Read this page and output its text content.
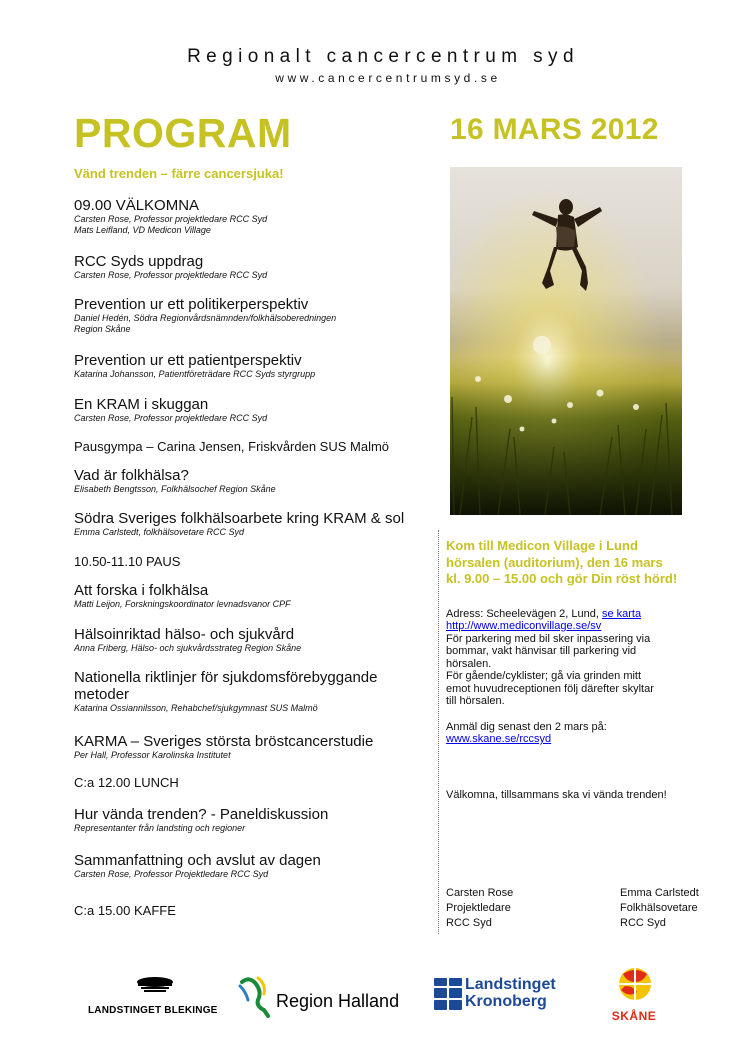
Regionalt cancercentrum syd
www.cancercentrumsyd.se
PROGRAM	16 MARS 2012
Vänd trenden – färre cancersjuka!
09.00 VÄLKOMNA
Carsten Rose, Professor projektledare RCC Syd
Mats Leifland, VD Medicon Village
RCC Syds uppdrag
Carsten Rose, Professor projektledare RCC Syd
Prevention ur ett politikerperspektiv
Daniel Hedén, Södra Regionvårdsnämnden/folkhälsoberedningen
Region Skåne
Prevention ur ett patientperspektiv
Katarina Johansson, Patientföreträdare RCC Syds styrgrupp
En KRAM i skuggan
Carsten Rose, Professor projektledare RCC Syd
Pausgympa – Carina Jensen, Friskvården SUS Malmö
Vad är folkhälsa?
Elisabeth Bengtsson, Folkhälsochef Region Skåne
Södra Sveriges folkhälsoarbete kring KRAM & sol
Emma Carlstedt, folkhälsovetare RCC Syd
10.50-11.10 PAUS
Att forska i folkhälsa
Matti Leijon, Forskningskoordinator levnadsvanor CPF
Hälsoinriktad hälso- och sjukvård
Anna Friberg, Hälso- och sjukvårdsstrateg Region Skåne
Nationella riktlinjer för sjukdomsförebyggande
metoder
Katarina Ossiannilsson, Rehabchef/sjukgymnast SUS Malmö
KARMA – Sveriges största bröstcancerstudie
Per Hall, Professor Karolinska Institutet
C:a 12.00 LUNCH
Hur vända trenden? - Paneldiskussion
Representanter från landsting och regioner
Sammanfattning och avslut av dagen
Carsten Rose, Professor Projektledare RCC Syd
C:a 15.00 KAFFE
Kom till Medicon Village i Lund
hörsalen (auditorium), den 16 mars
kl. 9.00 – 15.00 och gör Din röst hörd!
Adress: Scheelevägen 2, Lund, se karta
http://www.mediconvillage.se/sv
För parkering med bil sker inpassering via
bommar, vakt hänvisar till parkering vid
hörsalen.
För gående/cyklister; gå via grinden mitt
emot huvudreceptionen följ därefter skyltar
till hörsalen.
Anmäl dig senast den 2 mars på:
www.skane.se/rccsyd
Välkomna, tillsammans ska vi vända trenden!
Carsten Rose
Projektledare
RCC Syd
Emma Carlstedt
Folkhälsovetare
RCC Syd
LANDSTINGET BLEKINGE	Region Halland
Landstinget
Kronoberg
SKÅNE
